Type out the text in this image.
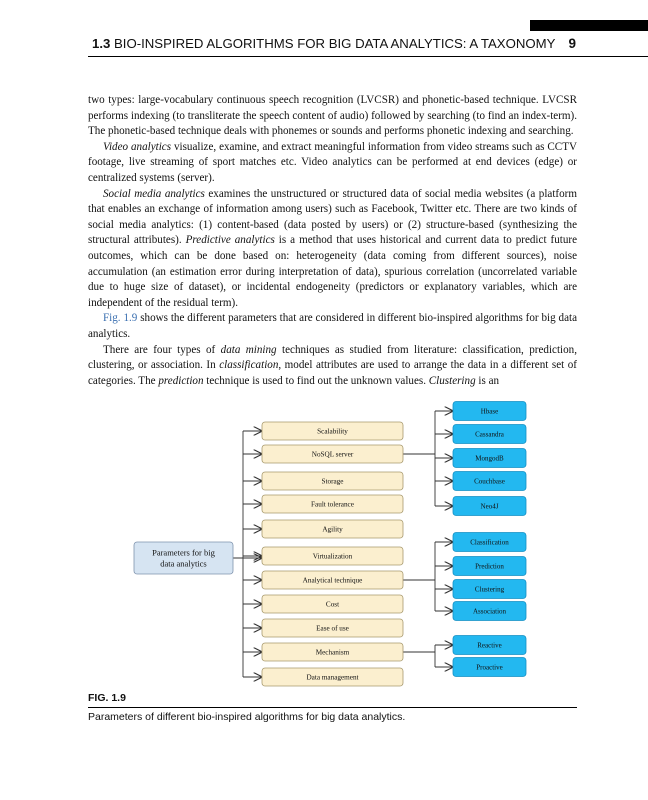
1.3 BIO-INSPIRED ALGORITHMS FOR BIG DATA ANALYTICS: A TAXONOMY 9

two types: large-vocabulary continuous speech recognition (LVCSR) and phonetic-based technique. LVCSR performs indexing (to transliterate the speech content of audio) followed by searching (to find an index-term). The phonetic-based technique deals with phonemes or sounds and performs phonetic indexing and searching.

Video analytics visualize, examine, and extract meaningful information from video streams such as CCTV footage, live streaming of sport matches etc. Video analytics can be performed at end devices (edge) or centralized systems (server).

Social media analytics examines the unstructured or structured data of social media websites (a platform that enables an exchange of information among users) such as Facebook, Twitter etc. There are two kinds of social media analytics: (1) content-based (data posted by users) or (2) structure-based (synthesizing the structural attributes). Predictive analytics is a method that uses historical and current data to predict future outcomes, which can be done based on: heterogeneity (data coming from different sources), noise accumulation (an estimation error during interpretation of data), spurious correlation (uncorrelated variable due to huge size of dataset), or incidental endogeneity (predictors or explanatory variables, which are independent of the residual term).

Fig. 1.9 shows the different parameters that are considered in different bio-inspired algorithms for big data analytics.

There are four types of data mining techniques as studied from literature: classification, prediction, clustering, or association. In classification, model attributes are used to arrange the data in a different set of categories. The prediction technique is used to find out the unknown values. Clustering is an

Parameters for big
data analytics
Scalability
NoSQL server
Storage
Fault tolerance
Agility
Virtualization
Analytical technique
Cost
Ease of use
Mechanism
Data management
Hbase
Cassandra
MongodB
Couchbase
Neo4J
Classification
Prediction
Clustering
Association
Reactive
Proactive
FIG. 1.9
Parameters of different bio-inspired algorithms for big data analytics.
